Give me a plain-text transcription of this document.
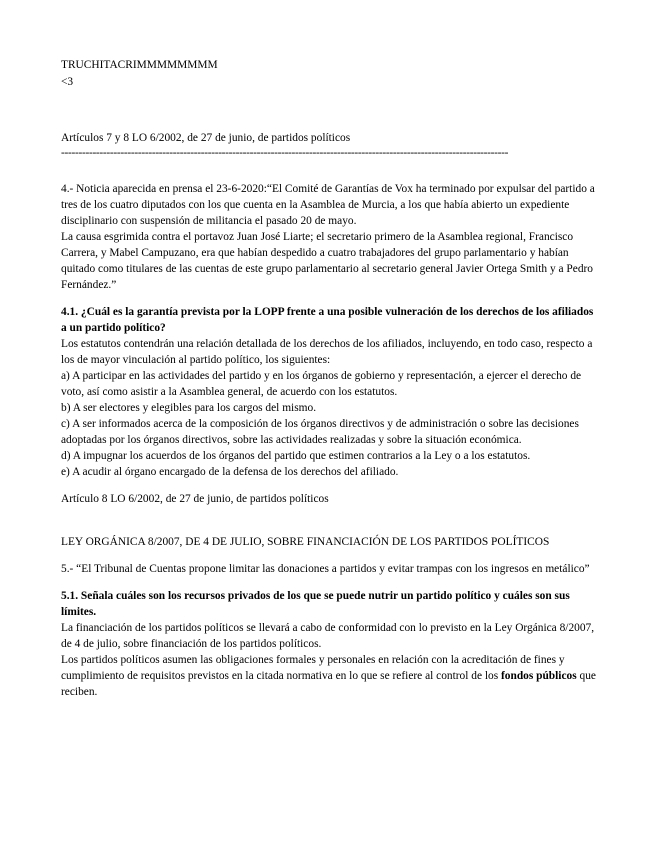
TRUCHITACRIMMMMMMMM

<3

Artículos 7 y 8 LO 6/2002, de 27 de junio, de partidos políticos

--------------------------------------------------------------------------------------------------------------------------------

4.- Noticia aparecida en prensa el 23-6-2020:“El Comité de Garantías de Vox ha terminado por expulsar del partido a tres de los cuatro diputados con los que cuenta en la Asamblea de Murcia, a los que había abierto un expediente disciplinario con suspensión de militancia el pasado 20 de mayo.

La causa esgrimida contra el portavoz Juan José Liarte; el secretario primero de la Asamblea regional, Francisco Carrera, y Mabel Campuzano, era que habían despedido a cuatro trabajadores del grupo parlamentario y habían quitado como titulares de las cuentas de este grupo parlamentario al secretario general Javier Ortega Smith y a Pedro Fernández.”

4.1. ¿Cuál es la garantía prevista por la LOPP frente a una posible vulneración de los derechos de los afiliados a un partido político?

Los estatutos contendrán una relación detallada de los derechos de los afiliados, incluyendo, en todo caso, respecto a los de mayor vinculación al partido político, los siguientes:

a) A participar en las actividades del partido y en los órganos de gobierno y representación, a ejercer el derecho de voto, así como asistir a la Asamblea general, de acuerdo con los estatutos.

b) A ser electores y elegibles para los cargos del mismo.

c) A ser informados acerca de la composición de los órganos directivos y de administración o sobre las decisiones adoptadas por los órganos directivos, sobre las actividades realizadas y sobre la situación económica.

d) A impugnar los acuerdos de los órganos del partido que estimen contrarios a la Ley o a los estatutos.

e) A acudir al órgano encargado de la defensa de los derechos del afiliado.

Artículo 8 LO 6/2002, de 27 de junio, de partidos políticos

LEY ORGÁNICA 8/2007, DE 4 DE JULIO, SOBRE FINANCIACIÓN DE LOS PARTIDOS POLÍTICOS

5.- “El Tribunal de Cuentas propone limitar las donaciones a partidos y evitar trampas con los ingresos en metálico”

5.1. Señala cuáles son los recursos privados de los que se puede nutrir un partido político y cuáles son sus límites.

La financiación de los partidos políticos se llevará a cabo de conformidad con lo previsto en la Ley Orgánica 8/2007, de 4 de julio, sobre financiación de los partidos políticos.

Los partidos políticos asumen las obligaciones formales y personales en relación con la acreditación de fines y cumplimiento de requisitos previstos en la citada normativa en lo que se refiere al control de los fondos públicos que reciben.
